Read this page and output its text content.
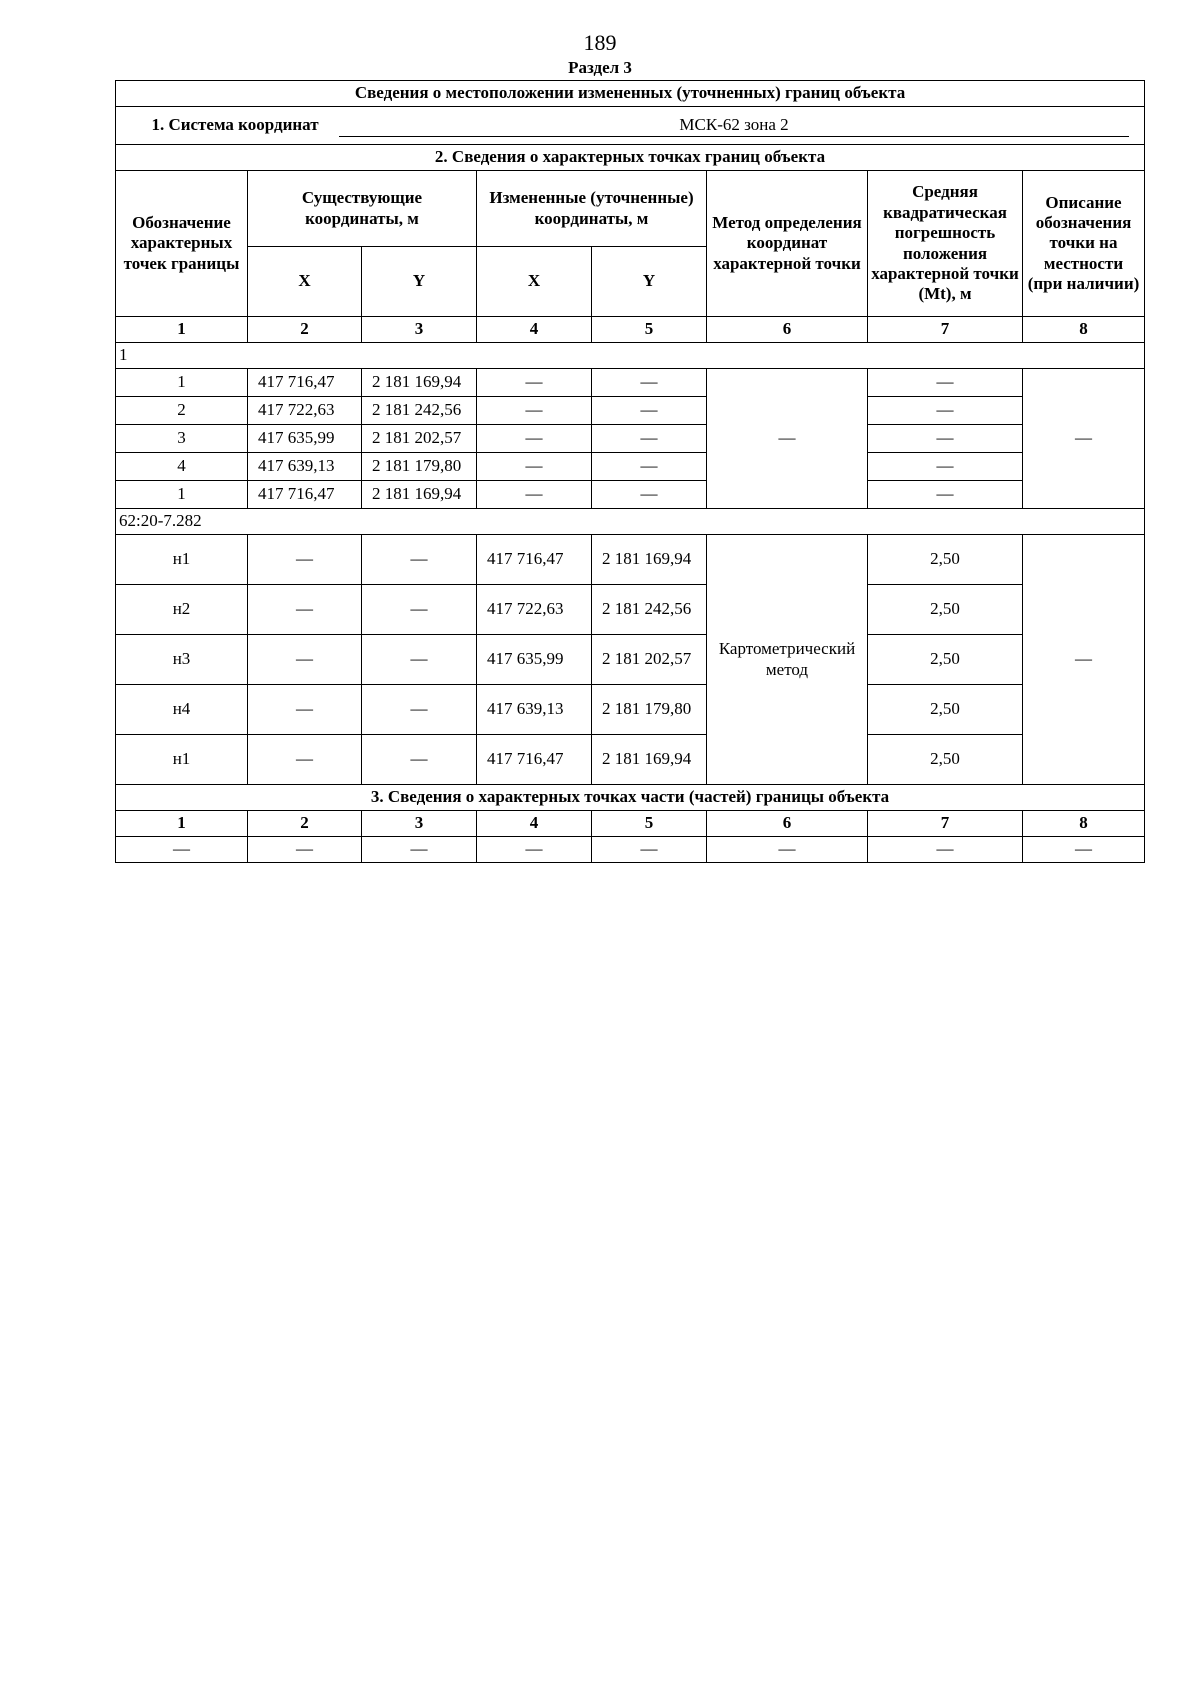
189
Раздел 3
Сведения о местоположении измененных (уточненных) границ объекта							
1. Система координат МСК-62 зона 2							
2. Сведения о характерных точках границ объекта							
Обозначение характерных точек границы	Существующие координаты, м		Измененные (уточненные) координаты, м		Метод определения координат характерной точки	Средняя квадратическая погрешность положения характерной точки (Mt), м	Описание обозначения точки на местности (при наличии)
	X	Y	X	Y			
1	2	3	4	5	6	7	8
1							
1	417 716,47	2 181 169,94	—	—	—	—	—
2	417 722,63	2 181 242,56	—	—		—	
3	417 635,99	2 181 202,57	—	—		—	
4	417 639,13	2 181 179,80	—	—		—	
1	417 716,47	2 181 169,94	—	—		—	
62:20-7.282							
н1	—	—	417 716,47	2 181 169,94	Картометрический метод	2,50	—
н2	—	—	417 722,63	2 181 242,56		2,50	
н3	—	—	417 635,99	2 181 202,57		2,50	
н4	—	—	417 639,13	2 181 179,80		2,50	
н1	—	—	417 716,47	2 181 169,94		2,50	
3. Сведения о характерных точках части (частей) границы объекта							
1	2	3	4	5	6	7	8
—	—	—	—	—	—	—	—
